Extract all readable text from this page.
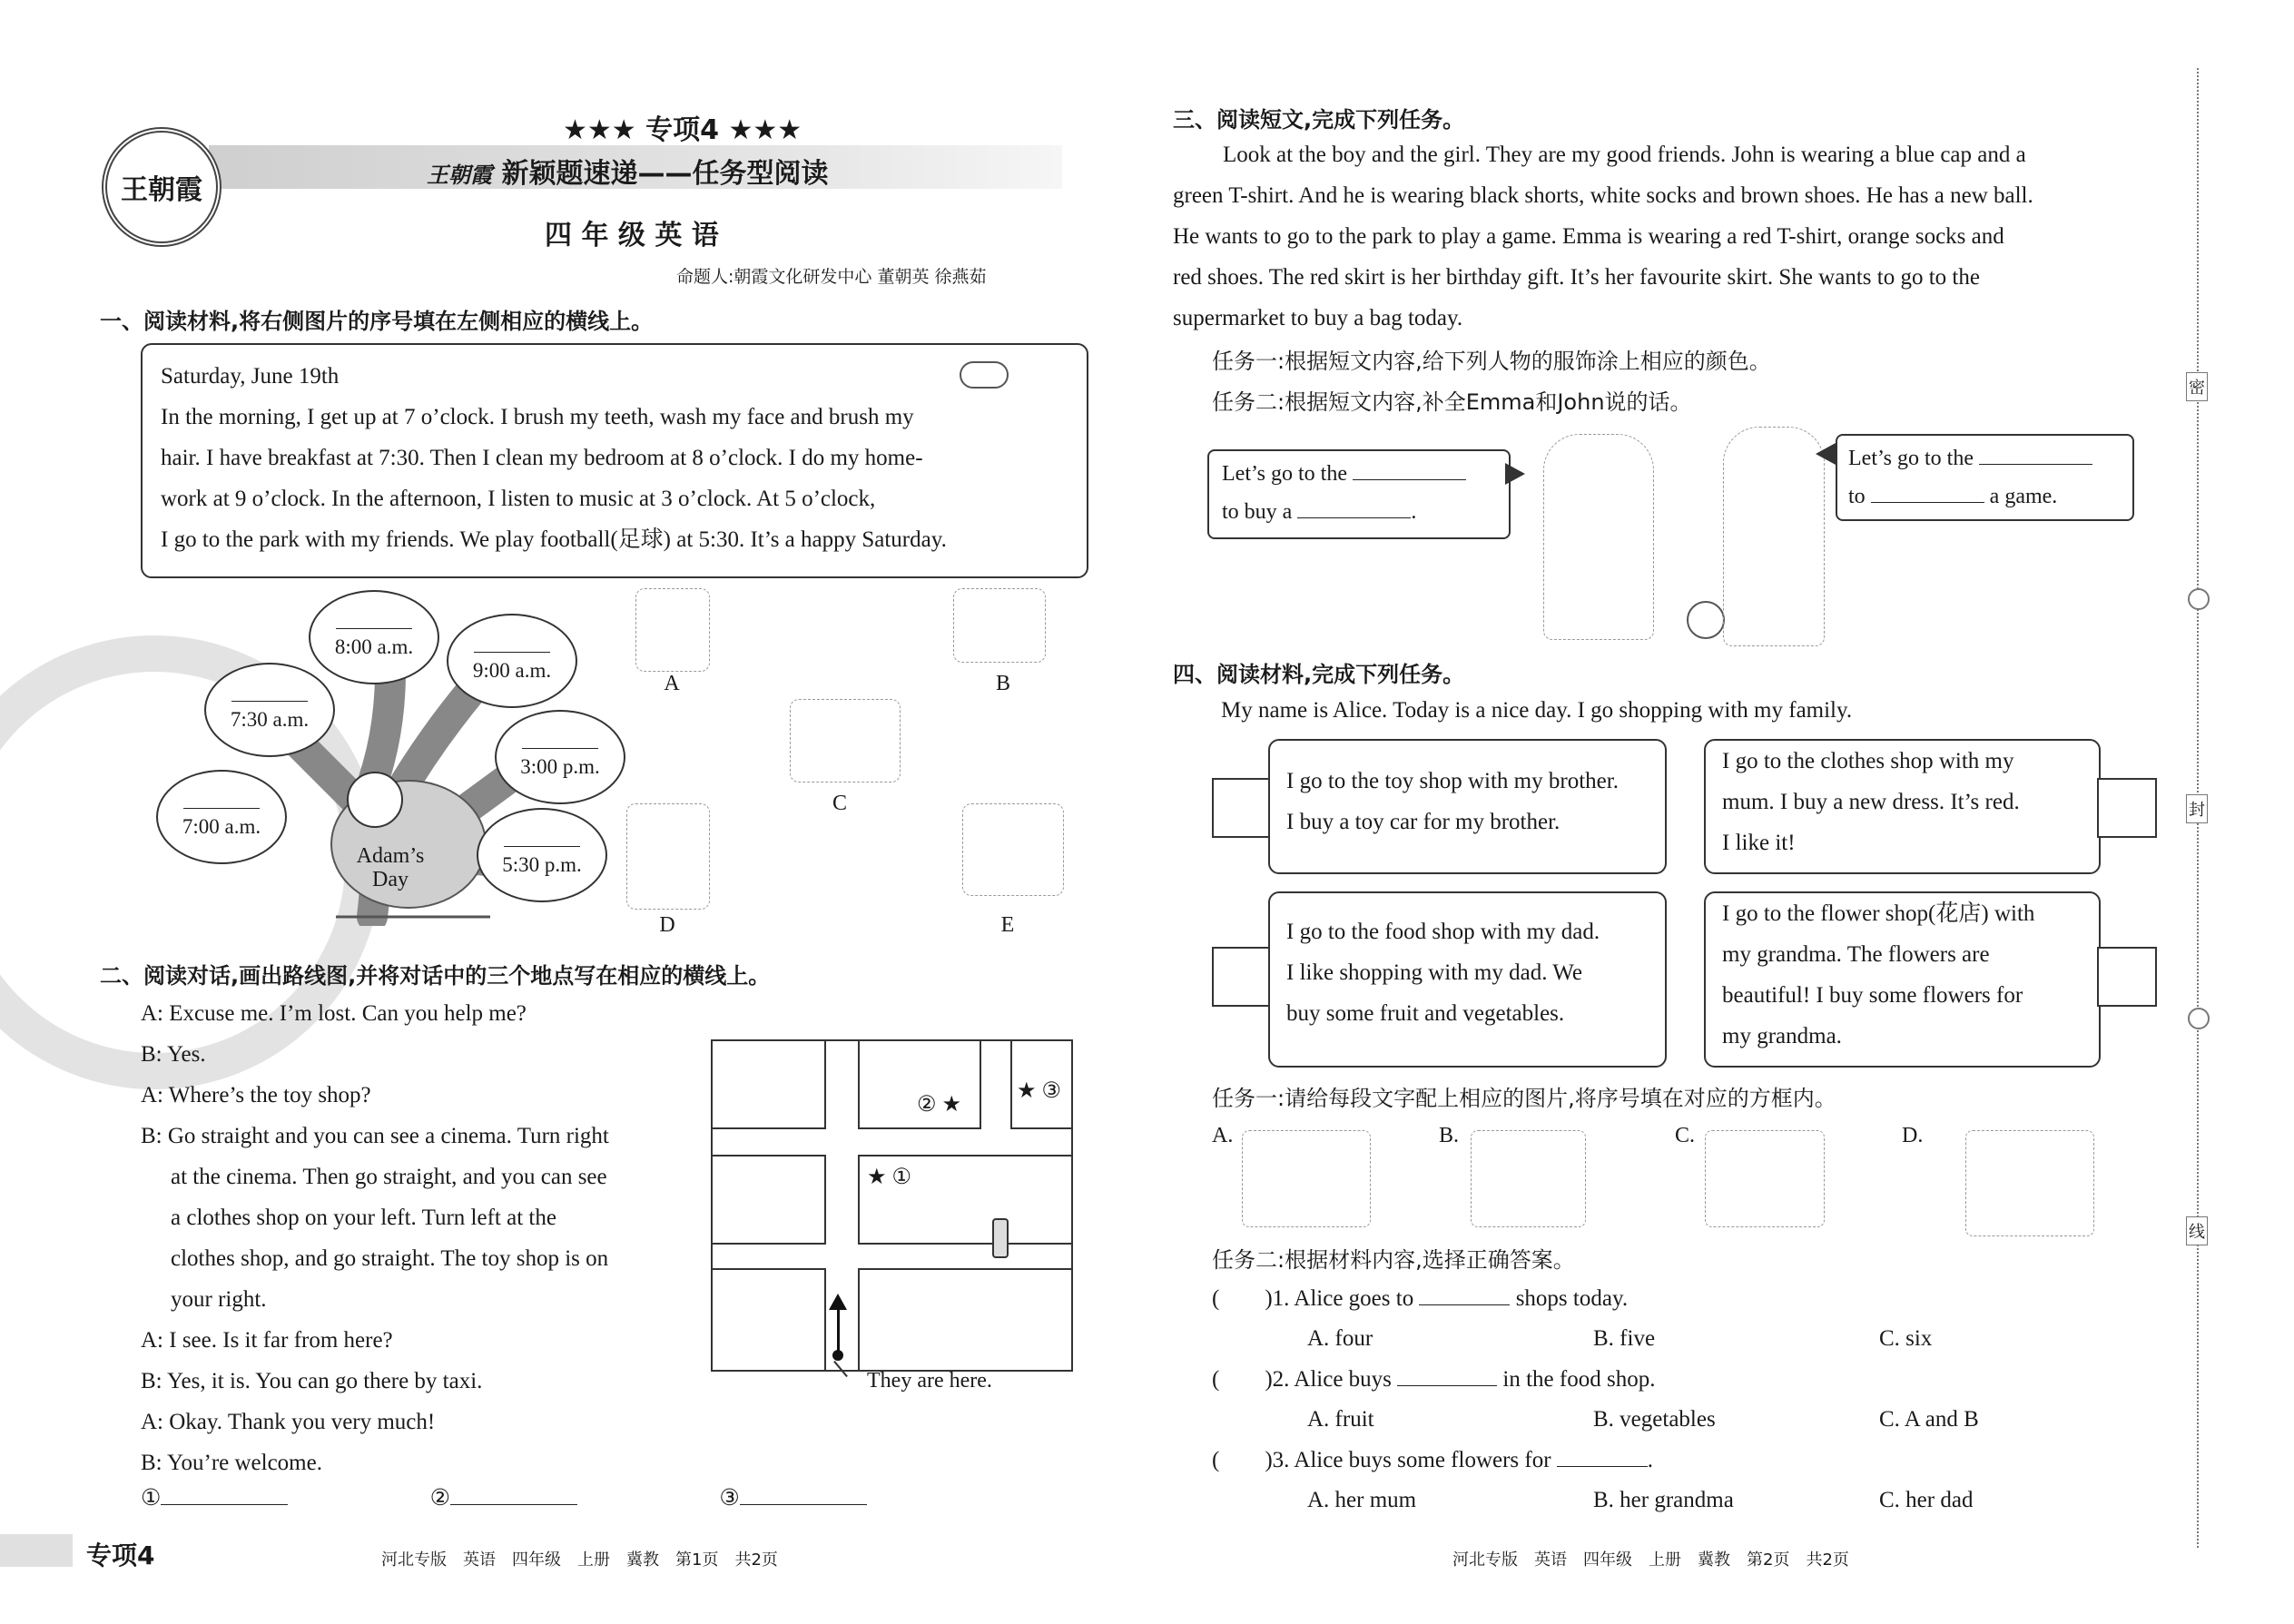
★★★ 专项4 ★★★
王朝霞	王朝霞 新颖题速递——任务型阅读
四 年 级 英 语
命题人:朝霞文化研发中心 董朝英 徐燕茹
一、阅读材料,将右侧图片的序号填在左侧相应的横线上。
Saturday, June 19th
In the morning, I get up at 7 o’clock. I brush my teeth, wash my face and brush my
hair. I have breakfast at 7:30. Then I clean my bedroom at 8 o’clock. I do my home-
work at 9 o’clock. In the afternoon, I listen to music at 3 o’clock. At 5 o’clock,
I go to the park with my friends. We play football(足球) at 5:30. It’s a happy Saturday.
Adam’s Day
8:00 a.m.
9:00 a.m.
7:30 a.m.
3:00 p.m.
7:00 a.m.
5:30 p.m.
A	B
C
D	E
二、阅读对话,画出路线图,并将对话中的三个地点写在相应的横线上。
A: Excuse me. I’m lost. Can you help me?
B: Yes.
A: Where’s the toy shop?
B: Go straight and you can see a cinema. Turn right
at the cinema. Then go straight, and you can see
a clothes shop on your left. Turn left at the
clothes shop, and go straight. The toy shop is on
your right.
A: I see. Is it far from here?
B: Yes, it is. You can go there by taxi.
A: Okay. Thank you very much!
B: You’re welcome.
② ★
★ ③
★ ①
They are here.
①	②	③
专项4	河北专版　英语　四年级　上册　冀教　第1页　共2页
三、阅读短文,完成下列任务。
Look at the boy and the girl. They are my good friends. John is wearing a blue cap and a
green T-shirt. And he is wearing black shorts, white socks and brown shoes. He has a new ball.
He wants to go to the park to play a game. Emma is wearing a red T-shirt, orange socks and
red shoes. The red skirt is her birthday gift. It’s her favourite skirt. She wants to go to the
supermarket to buy a bag today.
任务一:根据短文内容,给下列人物的服饰涂上相应的颜色。
任务二:根据短文内容,补全Emma和John说的话。
Let’s go to the
to buy a	.
Let’s go to the
to	a game.
四、阅读材料,完成下列任务。
My name is Alice. Today is a nice day. I go shopping with my family.
I go to the toy shop with my brother.
I buy a toy car for my brother.
I go to the clothes shop with my
mum. I buy a new dress. It’s red.
I like it!
I go to the food shop with my dad.
I like shopping with my dad. We
buy some fruit and vegetables.
I go to the flower shop(花店) with
my grandma. The flowers are
beautiful! I buy some flowers for
my grandma.
任务一:请给每段文字配上相应的图片,将序号填在对应的方框内。
A.	B.	C.	D.
任务二:根据材料内容,选择正确答案。
(　　)1. Alice goes to	shops today.
A. four	B. five	C. six
(　　)2. Alice buys	in the food shop.
A. fruit	B. vegetables	C. A and B
(　　)3. Alice buys some flowers for	.
A. her mum	B. her grandma	C. her dad
河北专版　英语　四年级　上册　冀教　第2页　共2页
密
封
线
